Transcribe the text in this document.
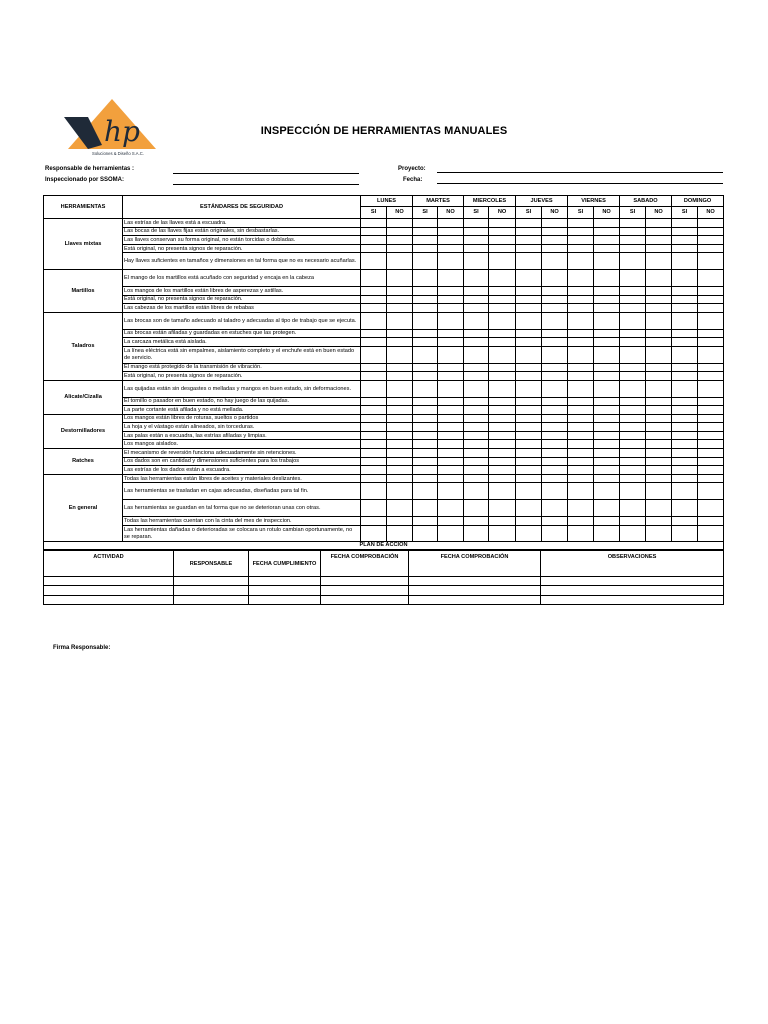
hp
Soluciones & Diseño S.A.C.
INSPECCIÓN DE HERRAMIENTAS MANUALES
Responsable de herramientas :
Inspeccionado por SSOMA:
Proyecto:
Fecha:
HERRAMIENTAS	ESTÁNDARES DE SEGURIDAD	LUNES		MARTES		MIERCOLES		JUEVES		VIERNES		SABADO		DOMINGO	
		SI	NO	SI	NO	SI	NO	SI	NO	SI	NO	SI	NO	SI	NO
Llaves mixtas	Las estrías de las llaves está a escuadra.														
	Las bocas de las llaves fijas están originales, sin desbastarlas.														
	Las llaves conservan su forma original, no están torcidas o dobladas.														
	Está original, no presenta signos de reparación.														
	Hay llaves suficientes en tamaños y dimensiones en tal forma que no es necesario acuñarlas.														
Martillos	El mango de los martillos está acuñado con seguridad y encaja en la cabeza														
	Los mangos de los martillos están libres de asperezas y astillas.														
	Está original, no presenta signos de reparación.														
	Las cabezas de los martillos están libres de rebabas														
Taladros	Las brocas son de tamaño adecuado al taladro y adecuadas al tipo de trabajo que se ejecuta.														
	Las brocas están afiladas y guardadas en estuches que las protegen.														
	La carcaza metálica está aislada.														
	La línea eléctrica está sin empalmes, aislamiento completo y el enchufe está en buen estado de servicio.														
	El mango está protegido de la transmisión de vibración.														
	Está original, no presenta signos de reparación.														
Alicate/Cizalla	Las quijadas están sin desgastes o melladas y mangos en buen estado, sin deformaciones.														
	El tornillo o pasador en buen estado, no hay juego de las quijadas.														
	La parte cortante está afilada y no está mellada.														
Destornilladores	Los mangos están libres de roturas, sueltos o partidos														
	La hoja y el vástago están alineados, sin torceduras.														
	Las palas están a escuadra, las estrías afiladas y limpias.														
	Los mangos aislados.														
Ratches	El mecanismo de reversión funciona adecuadamente sin retenciones.														
	Los dados son en cantidad y dimensiones suficientes para los trabajos														
	Las estrías de los dados están a escuadra.														
En general	Todas las herramientas están libres de aceites y materiales deslizantes.														
	Las herramientas se trasladan en cajas adecuadas, diseñadas para tal fin.														
	Las herramientas se guardan en tal forma que no se deterioran unas con otras.														
	Todas las herramientas cuentan con la cinta del mes de inspeccion.														
	Las herramientas dañadas o deterioradas se colocara un rotulo cambian oportunamente, no se reparan.														
PLAN DE ACCIÓN															
ACTIVIDAD	RESPONSABLE	FECHA CUMPLIMIENTO	FECHA COMPROBACIÓN	FECHA COMPROBACIÓN	OBSERVACIONES

Firma Responsable:
